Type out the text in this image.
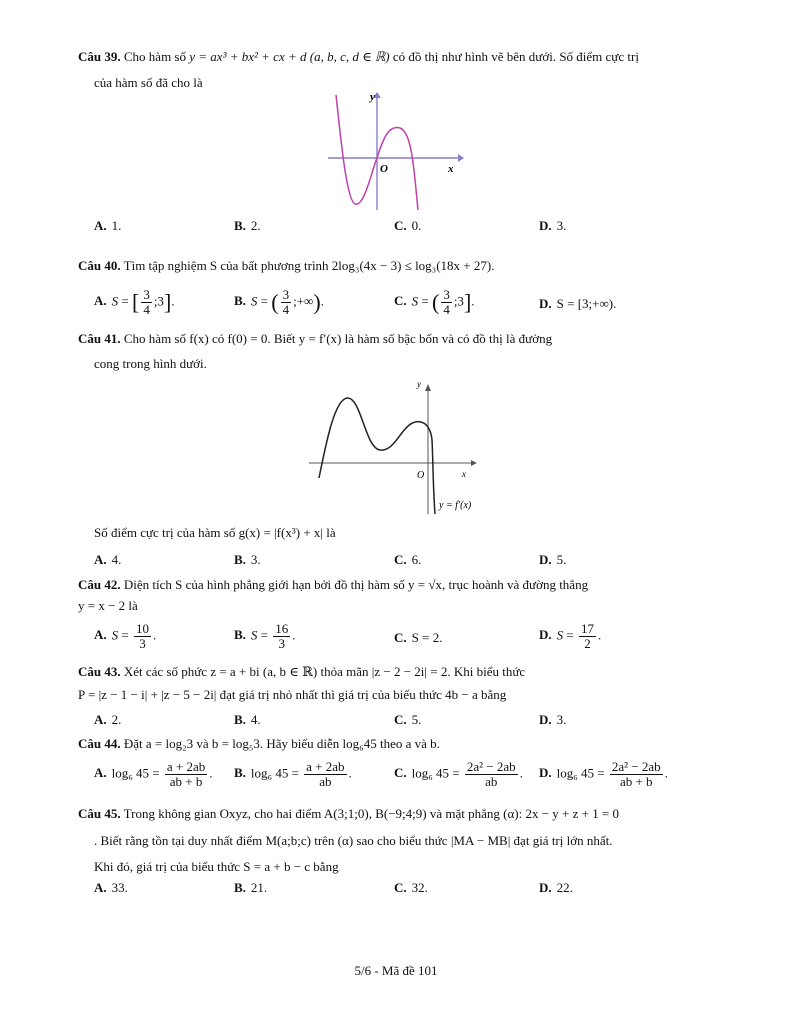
Câu 39. Cho hàm số y = ax³ + bx² + cx + d (a, b, c, d ∈ ℝ) có đồ thị như hình vẽ bên dưới. Số điểm cực trị
của hàm số đã cho là
y
O	x
A. 1.	B. 2.	C. 0.	D. 3.
Câu 40. Tìm tập nghiệm S của bất phương trình 2log₃(4x − 3) ≤ log₃(18x + 27).
A. S = [ $\frac{3}{4}$ ;3].	B. S = ( $\frac{3}{4}$ ;+∞).	C. S = ( $\frac{3}{4}$ ;3].	D. S = [3;+∞).
Câu 41. Cho hàm số f(x) có f(0) = 0. Biết y = f′(x) là hàm số bậc bốn và có đồ thị là đường
cong trong hình dưới.
y
O	x
y = f′(x)
Số điểm cực trị của hàm số g(x) = |f(x³) + x| là
A. 4.	B. 3.	C. 6.	D. 5.
Câu 42. Diện tích S của hình phẳng giới hạn bởi đồ thị hàm số y = √x, trục hoành và đường thẳng
y = x − 2 là
A. $S = \frac{10}{3}$ .	B. $S = \frac{16}{3}$ .	C. S = 2.	D. $S = \frac{17}{2}$ .
Câu 43. Xét các số phức z = a + bi (a, b ∈ ℝ) thỏa mãn |z − 2 − 2i| = 2. Khi biểu thức
P = |z − 1 − i| + |z − 5 − 2i| đạt giá trị nhỏ nhất thì giá trị của biểu thức 4b − a bằng
A. 2.	B. 4.	C. 5.	D. 3.
Câu 44. Đặt a = log₂3 và b = log₅3. Hãy biểu diễn log₆45 theo a và b.
A. log₆ $45 = \frac{a + 2ab}{ab + b}$ . B. log₆ $45 = \frac{a + 2ab}{ab}$ .	C. log₆ $45 = \frac{\text{2a² − 2ab}}{ab}$ . D. log₆ $45 = \frac{\text{2a² − 2ab}}{ab + b}$ .
Câu 45. Trong không gian Oxyz, cho hai điểm A(3;1;0), B(−9;4;9) và mặt phẳng (α): 2x − y + z + 1 = 0
. Biết rằng tồn tại duy nhất điểm M(a;b;c) trên (α) sao cho biểu thức |MA − MB| đạt giá trị lớn nhất.
Khi đó, giá trị của biểu thức S = a + b − c bằng
A. 33.	B. 21.	C. 32.	D. 22.
5/6 - Mã đề 101
